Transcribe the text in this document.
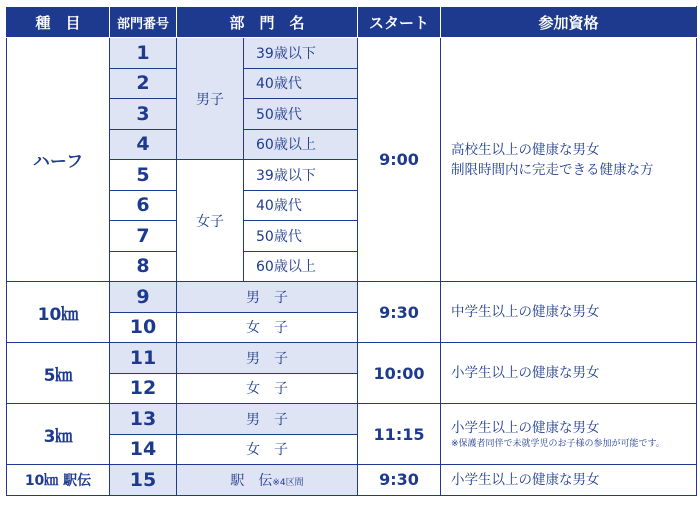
種　目	部門番号	部　門　名		スタート	参加資格
ハーフ	1	男子	39歳以下	9:00	高校生以上の健康な男女
制限時間内に完走できる健康な方
	2		40歳代		
	3		50歳代		
	4		60歳以上		
	5	女子	39歳以下		
	6		40歳代		
	7		50歳代		
	8		60歳以上		
10㎞	9	男　子		9:30	中学生以上の健康な男女
	10	女　子			
5㎞	11	男　子		10:00	小学生以上の健康な男女
	12	女　子			
3㎞	13	男　子		11:15	小学生以上の健康な男女
※保護者同伴で未就学児のお子様の参加が可能です。

	14	女　子			
10㎞ 駅伝	15	駅　伝※4区間		9:30	小学生以上の健康な男女
